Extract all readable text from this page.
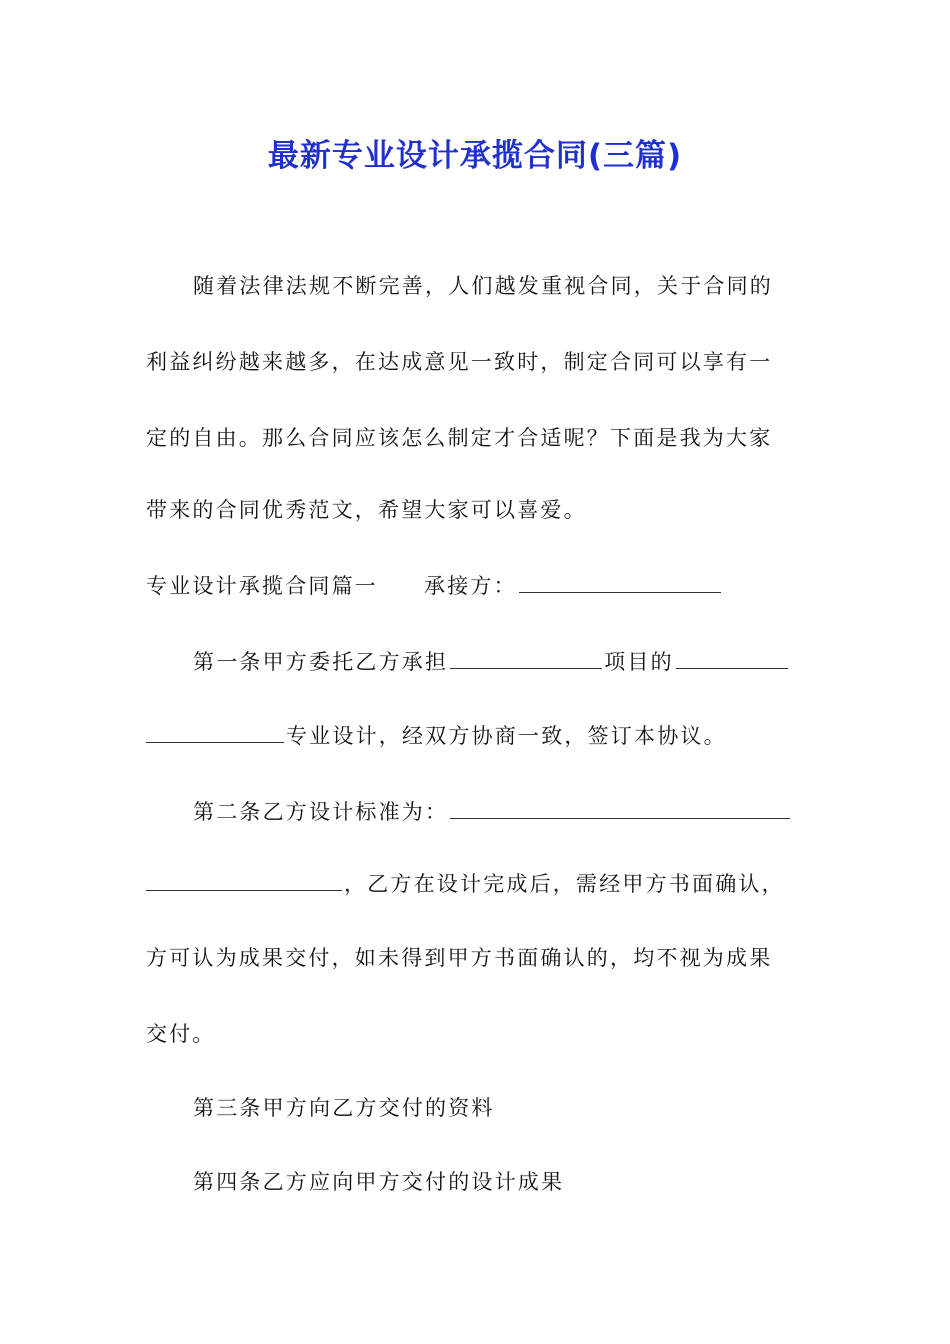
最新专业设计承揽合同(三篇)
随着法律法规不断完善，人们越发重视合同，关于合同的
利益纠纷越来越多，在达成意见一致时，制定合同可以享有一
定的自由。那么合同应该怎么制定才合适呢？下面是我为大家
带来的合同优秀范文，希望大家可以喜爱。
专业设计承揽合同篇一 承接方：
第一条甲方委托乙方承担	项目的
专业设计，经双方协商一致，签订本协议。
第二条乙方设计标准为：
，乙方在设计完成后，需经甲方书面确认，
方可认为成果交付，如未得到甲方书面确认的，均不视为成果
交付。
第三条甲方向乙方交付的资料
第四条乙方应向甲方交付的设计成果
